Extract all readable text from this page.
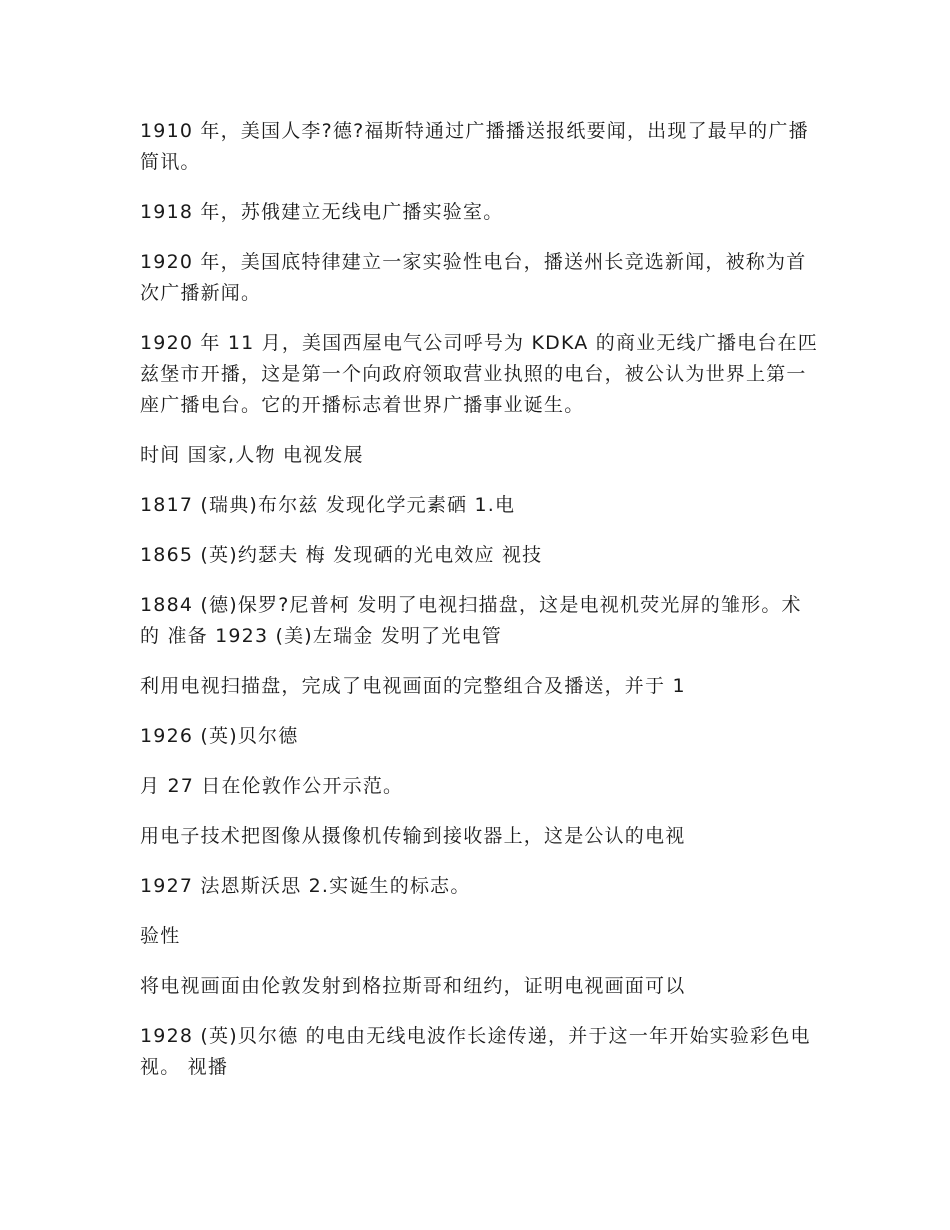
1910 年，美国人李?德?福斯特通过广播播送报纸要闻，出现了最早的广播简讯。

1918 年，苏俄建立无线电广播实验室。

1920 年，美国底特律建立一家实验性电台，播送州长竞选新闻，被称为首次广播新闻。

1920 年 11 月，美国西屋电气公司呼号为 KDKA 的商业无线广播电台在匹兹堡市开播，这是第一个向政府领取营业执照的电台，被公认为世界上第一座广播电台。它的开播标志着世界广播事业诞生。

时间 国家,人物 电视发展

1817 (瑞典)布尔兹 发现化学元素硒 1.电

1865 (英)约瑟夫 梅 发现硒的光电效应 视技

1884 (德)保罗?尼普柯 发明了电视扫描盘，这是电视机荧光屏的雏形。术的 准备 1923 (美)左瑞金 发明了光电管

利用电视扫描盘，完成了电视画面的完整组合及播送，并于 1

1926 (英)贝尔德

月 27 日在伦敦作公开示范。

用电子技术把图像从摄像机传输到接收器上，这是公认的电视

1927 法恩斯沃思 2.实诞生的标志。

验性

将电视画面由伦敦发射到格拉斯哥和纽约，证明电视画面可以

1928 (英)贝尔德 的电由无线电波作长途传递，并于这一年开始实验彩色电视。 视播
